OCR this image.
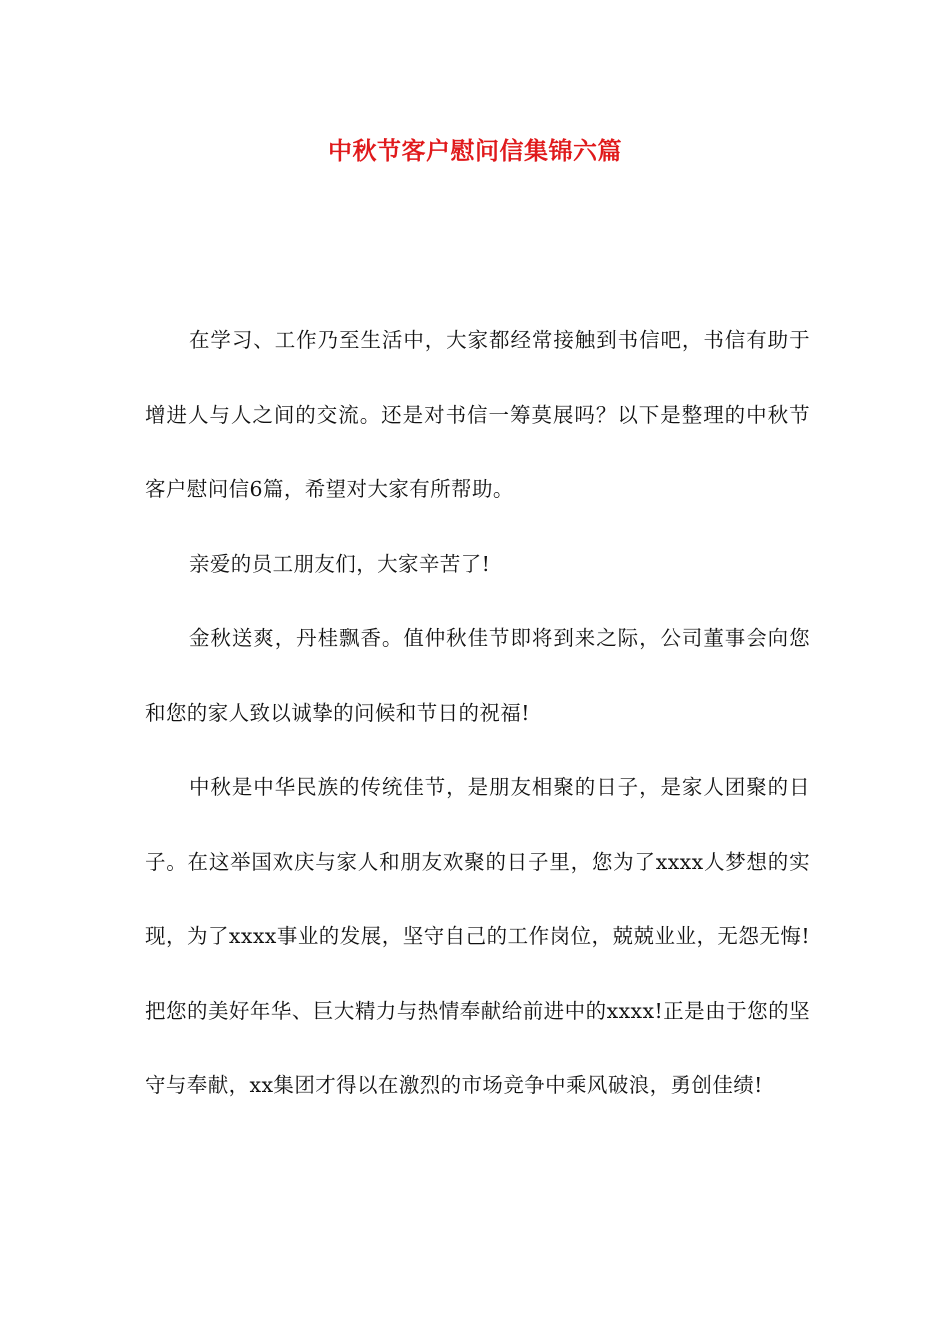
中秋节客户慰问信集锦六篇

在学习、工作乃至生活中，大家都经常接触到书信吧，书信有助于增进人与人之间的交流。还是对书信一筹莫展吗？以下是整理的中秋节客户慰问信6篇，希望对大家有所帮助。

亲爱的员工朋友们，大家辛苦了!

金秋送爽，丹桂飘香。值仲秋佳节即将到来之际，公司董事会向您和您的家人致以诚挚的问候和节日的祝福!

中秋是中华民族的传统佳节，是朋友相聚的日子，是家人团聚的日子。在这举国欢庆与家人和朋友欢聚的日子里，您为了xxxx人梦想的实现，为了xxxx事业的发展，坚守自己的工作岗位，兢兢业业，无怨无悔!把您的美好年华、巨大精力与热情奉献给前进中的xxxx!正是由于您的坚守与奉献，xx集团才得以在激烈的市场竞争中乘风破浪，勇创佳绩!
